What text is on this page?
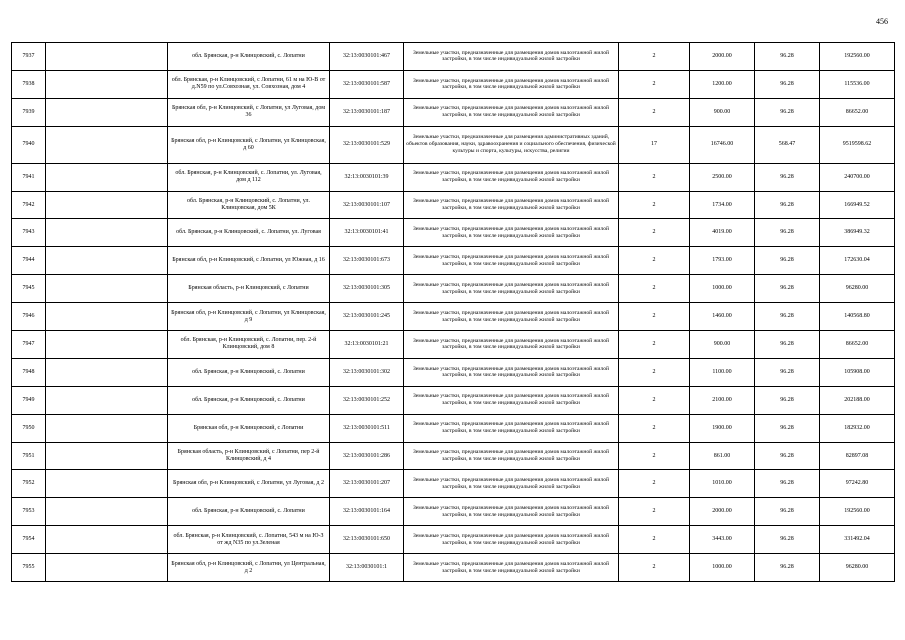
456
7937		обл. Брянская, р-н Клинцовский, с. Лопатни	32:13:0030101:467	Земельные участки, предназначенные для размещения домов малоэтажной жилой застройки, в том числе индивидуальной жилой застройки	2	2000.00	96.28	192560.00
7938		обл. Брянская, р-н Клинцовский, с Лопатни, 61 м на Ю-В от д.N59 по ул.Совхозная, ул. Совхозная, дом 4	32:13:0030101:587	Земельные участки, предназначенные для размещения домов малоэтажной жилой застройки, в том числе индивидуальной жилой застройки	2	1200.00	96.28	115536.00
7939		Брянская обл, р-н Клинцовский, с Лопатни, ул Луговая, дом 36	32:13:0030101:187	Земельные участки, предназначенные для размещения домов малоэтажной жилой застройки, в том числе индивидуальной жилой застройки	2	900.00	96.28	86652.00
7940		Брянская обл, р-н Клинцовский, с Лопатни, ул Клинцовская, д 60	32:13:0030101:529	Земельные участки, предназначенные для размещения административных зданий, объектов образования, науки, здравоохранения и социального обеспечения, физической культуры и спорта, культуры, искусства, религии	17	16746.00	568.47	9519598.62
7941		обл. Брянская, р-н Клинцовский, с. Лопатни, ул. Луговая, дом д 112	32:13:0030101:39	Земельные участки, предназначенные для размещения домов малоэтажной жилой застройки, в том числе индивидуальной жилой застройки	2	2500.00	96.28	240700.00
7942		обл. Брянская, р-н Клинцовский, с. Лопатни, ул. Клинцовская, дом 5К	32:13:0030101:107	Земельные участки, предназначенные для размещения домов малоэтажной жилой застройки, в том числе индивидуальной жилой застройки	2	1734.00	96.28	166949.52
7943		обл. Брянская, р-н Клинцовский, с. Лопатни, ул. Луговая	32:13:0030101:41	Земельные участки, предназначенные для размещения домов малоэтажной жилой застройки, в том числе индивидуальной жилой застройки	2	4019.00	96.28	386949.32
7944		Брянская обл, р-н Клинцовский, с Лопатни, ул Южная, д 16	32:13:0030101:673	Земельные участки, предназначенные для размещения домов малоэтажной жилой застройки, в том числе индивидуальной жилой застройки	2	1793.00	96.28	172630.04
7945		Брянская область, р-н Клинцовский, с Лопатни	32:13:0030101:305	Земельные участки, предназначенные для размещения домов малоэтажной жилой застройки, в том числе индивидуальной жилой застройки	2	1000.00	96.28	96280.00
7946		Брянская обл, р-н Клинцовский, с Лопатни, ул Клинцовская, д 9	32:13:0030101:245	Земельные участки, предназначенные для размещения домов малоэтажной жилой застройки, в том числе индивидуальной жилой застройки	2	1460.00	96.28	140568.80
7947		обл. Брянская, р-н Клинцовский, с. Лопатни, пер. 2-й Клинцовский, дом 8	32:13:0030101:21	Земельные участки, предназначенные для размещения домов малоэтажной жилой застройки, в том числе индивидуальной жилой застройки	2	900.00	96.28	86652.00
7948		обл. Брянская, р-н Клинцовский, с. Лопатни	32:13:0030101:302	Земельные участки, предназначенные для размещения домов малоэтажной жилой застройки, в том числе индивидуальной жилой застройки	2	1100.00	96.28	105908.00
7949		обл. Брянская, р-н Клинцовский, с. Лопатни	32:13:0030101:252	Земельные участки, предназначенные для размещения домов малоэтажной жилой застройки, в том числе индивидуальной жилой застройки	2	2100.00	96.28	202188.00
7950		Брянская обл, р-н Клинцовский, с Лопатни	32:13:0030101:511	Земельные участки, предназначенные для размещения домов малоэтажной жилой застройки, в том числе индивидуальной жилой застройки	2	1900.00	96.28	182932.00
7951		Брянская область, р-н Клинцовский, с Лопатни, пер 2-й Клинцовский, д 4	32:13:0030101:286	Земельные участки, предназначенные для размещения домов малоэтажной жилой застройки, в том числе индивидуальной жилой застройки	2	861.00	96.28	82897.08
7952		Брянская обл, р-н Клинцовский, с Лопатни, ул Луговая, д 2	32:13:0030101:207	Земельные участки, предназначенные для размещения домов малоэтажной жилой застройки, в том числе индивидуальной жилой застройки	2	1010.00	96.28	97242.80
7953		обл. Брянская, р-н Клинцовский, с. Лопатни	32:13:0030101:164	Земельные участки, предназначенные для размещения домов малоэтажной жилой застройки, в том числе индивидуальной жилой застройки	2	2000.00	96.28	192560.00
7954		обл. Брянская, р-н Клинцовский, с. Лопатни, 543 м на Ю-З от жд N35 по ул.Зеленая	32:13:0030101:650	Земельные участки, предназначенные для размещения домов малоэтажной жилой застройки, в том числе индивидуальной жилой застройки	2	3443.00	96.28	331492.04
7955		Брянская обл, р-н Клинцовский, с Лопатни, ул Центральная, д 2	32:13:0030101:1	Земельные участки, предназначенные для размещения домов малоэтажной жилой застройки, в том числе индивидуальной жилой застройки	2	1000.00	96.28	96280.00
